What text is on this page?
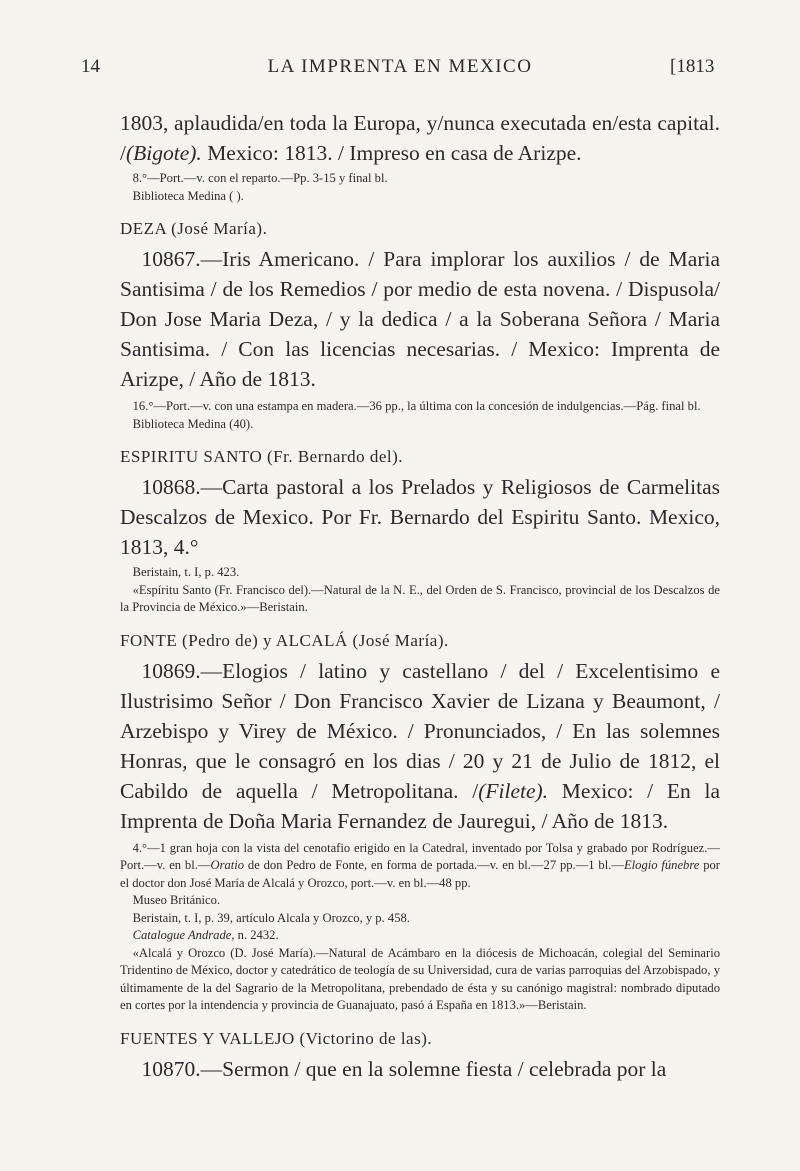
14	LA IMPRENTA EN MEXICO	[1813

1803, aplaudida/en toda la Europa, y/nunca executada en/esta capital. /(Bigote). Mexico: 1813. / Impreso en casa de Arizpe.

8.°—Port.—v. con el reparto.—Pp. 3-15 y final bl.

Biblioteca Medina ( ).

DEZA (José María).

10867.—Iris Americano. / Para implorar los auxilios / de Maria Santisima / de los Remedios / por medio de esta novena. / Dispusola/ Don Jose Maria Deza, / y la dedica / a la Soberana Señora / Maria Santisima. / Con las licencias necesarias. / Mexico: Imprenta de Arizpe, / Año de 1813.

16.°—Port.—v. con una estampa en madera.—36 pp., la última con la concesión de indulgencias.—Pág. final bl.

Biblioteca Medina (40).

ESPIRITU SANTO (Fr. Bernardo del).

10868.—Carta pastoral a los Prelados y Religiosos de Carmelitas Descalzos de Mexico. Por Fr. Bernardo del Espiritu Santo. Mexico, 1813, 4.°

Beristain, t. I, p. 423.

«Espíritu Santo (Fr. Francisco del).—Natural de la N. E., del Orden de S. Francisco, provincial de los Descalzos de la Provincia de México.»—Beristain.

FONTE (Pedro de) y ALCALÁ (José María).

10869.—Elogios / latino y castellano / del / Excelentisimo e Ilustrisimo Señor / Don Francisco Xavier de Lizana y Beaumont, / Arzebispo y Virey de México. / Pronunciados, / En las solemnes Honras, que le consagró en los dias / 20 y 21 de Julio de 1812, el Cabildo de aquella / Metropolitana. /(Filete). Mexico: / En la Imprenta de Doña Maria Fernandez de Jauregui, / Año de 1813.

4.°—1 gran hoja con la vista del cenotafio erigido en la Catedral, inventado por Tolsa y grabado por Rodríguez.—Port.—v. en bl.—Oratio de don Pedro de Fonte, en forma de portada.—v. en bl.—27 pp.—1 bl.—Elogio fúnebre por el doctor don José María de Alcalá y Orozco, port.—v. en bl.—48 pp.

Museo Británico.

Beristain, t. I, p. 39, artículo Alcala y Orozco, y p. 458.

Catalogue Andrade, n. 2432.

«Alcalá y Orozco (D. José María).—Natural de Acámbaro en la diócesis de Michoacán, colegial del Seminario Tridentino de México, doctor y catedrático de teología de su Universidad, cura de varias parroquias del Arzobispado, y últimamente de la del Sagrario de la Metropolitana, prebendado de ésta y su canónigo magistral: nombrado diputado en cortes por la intendencia y provincia de Guanajuato, pasó á España en 1813.»—Beristain.

FUENTES Y VALLEJO (Victorino de las).

10870.—Sermon / que en la solemne fiesta / celebrada por la
